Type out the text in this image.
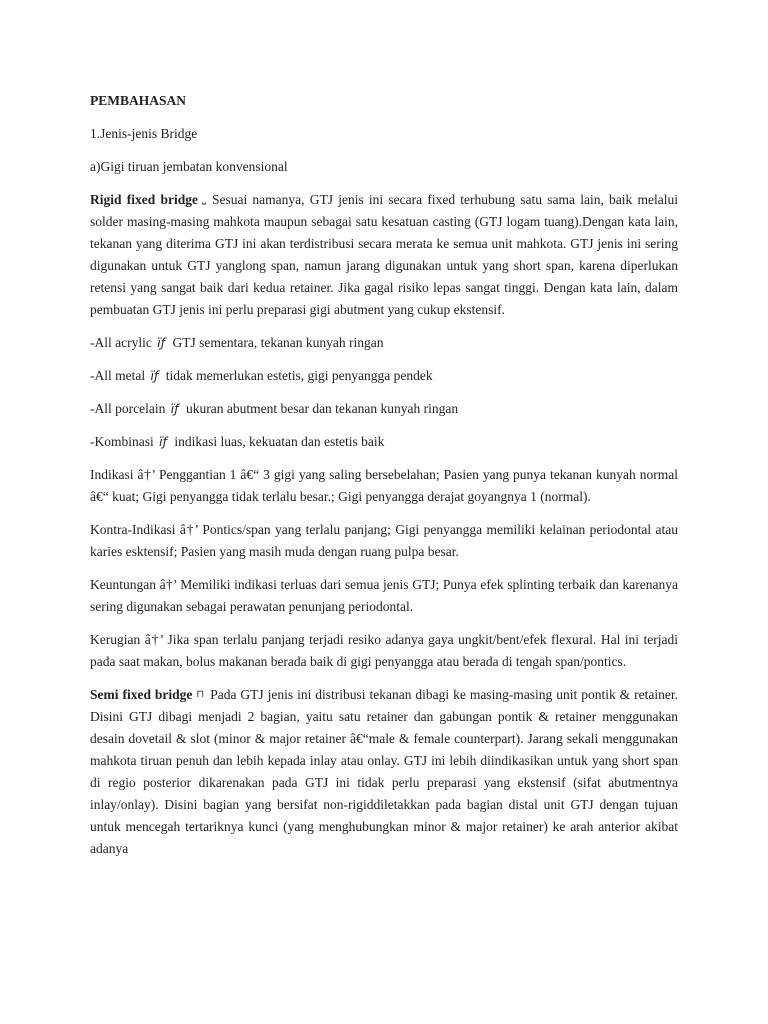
PEMBAHASAN
1.Jenis-jenis Bridge
a)Gigi tiruan jembatan konvensional
Rigid fixed bridge ⎵ Sesuai namanya, GTJ jenis ini secara fixed terhubung satu sama lain, baik melalui solder masing-masing mahkota maupun sebagai satu kesatuan casting (GTJ logam tuang).Dengan kata lain, tekanan yang diterima GTJ ini akan terdistribusi secara merata ke semua unit mahkota. GTJ jenis ini sering digunakan untuk GTJ yanglong span, namun jarang digunakan untuk yang short span, karena diperlukan retensi yang sangat baik dari kedua retainer. Jika gagal risiko lepas sangat tinggi. Dengan kata lain, dalam pembuatan GTJ jenis ini perlu preparasi gigi abutment yang cukup ekstensif.
-All acrylic ïƒ GTJ sementara, tekanan kunyah ringan
-All metal ïƒ tidak memerlukan estetis, gigi penyangga pendek
-All porcelain ïƒ ukuran abutment besar dan tekanan kunyah ringan
-Kombinasi ïƒ indikasi luas, kekuatan dan estetis baik
Indikasi â†’ Penggantian 1 â€“ 3 gigi yang saling bersebelahan; Pasien yang punya tekanan kunyah normal â€“ kuat; Gigi penyangga tidak terlalu besar.; Gigi penyangga derajat goyangnya 1 (normal).
Kontra-Indikasi â†’ Pontics/span yang terlalu panjang; Gigi penyangga memiliki kelainan periodontal atau karies esktensif; Pasien yang masih muda dengan ruang pulpa besar.
Keuntungan â†’ Memiliki indikasi terluas dari semua jenis GTJ; Punya efek splinting terbaik dan karenanya sering digunakan sebagai perawatan penunjang periodontal.
Kerugian â†’ Jika span terlalu panjang terjadi resiko adanya gaya ungkit/bent/efek flexural. Hal ini terjadi pada saat makan, bolus makanan berada baik di gigi penyangga atau berada di tengah span/pontics.
Semi fixed bridge ⊓ Pada GTJ jenis ini distribusi tekanan dibagi ke masing-masing unit pontik & retainer. Disini GTJ dibagi menjadi 2 bagian, yaitu satu retainer dan gabungan pontik & retainer menggunakan desain dovetail & slot (minor & major retainer â€“male & female counterpart). Jarang sekali menggunakan mahkota tiruan penuh dan lebih kepada inlay atau onlay. GTJ ini lebih diindikasikan untuk yang short span di regio posterior dikarenakan pada GTJ ini tidak perlu preparasi yang ekstensif (sifat abutmentnya inlay/onlay). Disini bagian yang bersifat non-rigiddiletakkan pada bagian distal unit GTJ dengan tujuan untuk mencegah tertariknya kunci (yang menghubungkan minor & major retainer) ke arah anterior akibat adanya
